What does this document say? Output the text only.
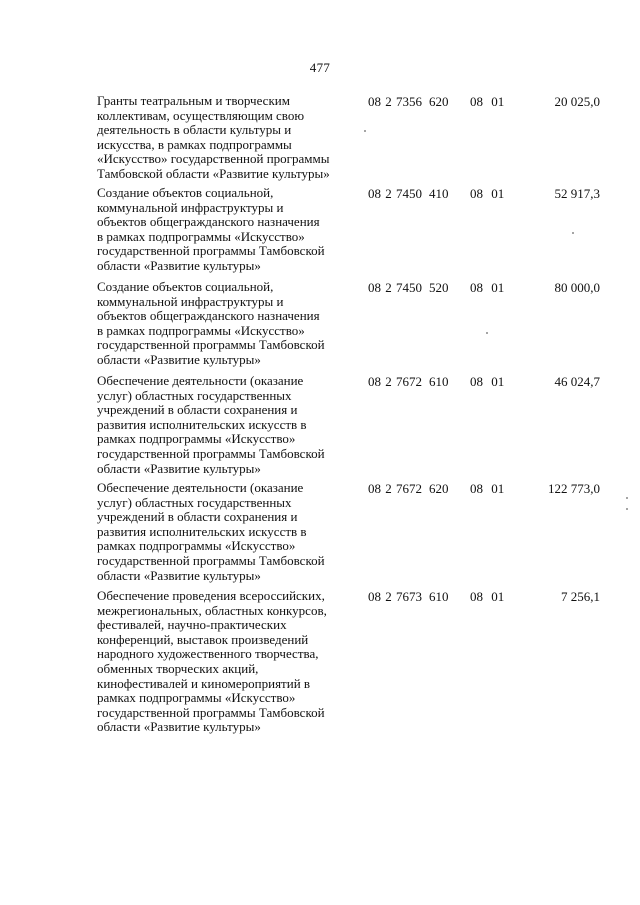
477
Гранты театральным и творческим
коллективам, осуществляющим свою
деятельность в области культуры и
искусства, в рамках подпрограммы
«Искусство» государственной программы
Тамбовской области «Развитие культуры»
08 2 7356 620 08 01	20 025,0
Создание объектов социальной,
коммунальной инфраструктуры и
объектов общегражданского назначения
в рамках подпрограммы «Искусство»
государственной программы Тамбовской
области «Развитие культуры»
08 2 7450 410 08 01	52 917,3
Создание объектов социальной,
коммунальной инфраструктуры и
объектов общегражданского назначения
в рамках подпрограммы «Искусство»
государственной программы Тамбовской
области «Развитие культуры»
08 2 7450 520 08 01	80 000,0
Обеспечение деятельности (оказание
услуг) областных государственных
учреждений в области сохранения и
развития исполнительских искусств в
рамках подпрограммы «Искусство»
государственной программы Тамбовской
области «Развитие культуры»
08 2 7672 610 08 01	46 024,7
Обеспечение деятельности (оказание
услуг) областных государственных
учреждений в области сохранения и
развития исполнительских искусств в
рамках подпрограммы «Искусство»
государственной программы Тамбовской
области «Развитие культуры»
08 2 7672 620 08 01	122 773,0
Обеспечение проведения всероссийских,
межрегиональных, областных конкурсов,
фестивалей, научно-практических
конференций, выставок произведений
народного художественного творчества,
обменных творческих акций,
кинофестивалей и киномероприятий в
рамках подпрограммы «Искусство»
государственной программы Тамбовской
области «Развитие культуры»
08 2 7673 610 08 01	7 256,1
